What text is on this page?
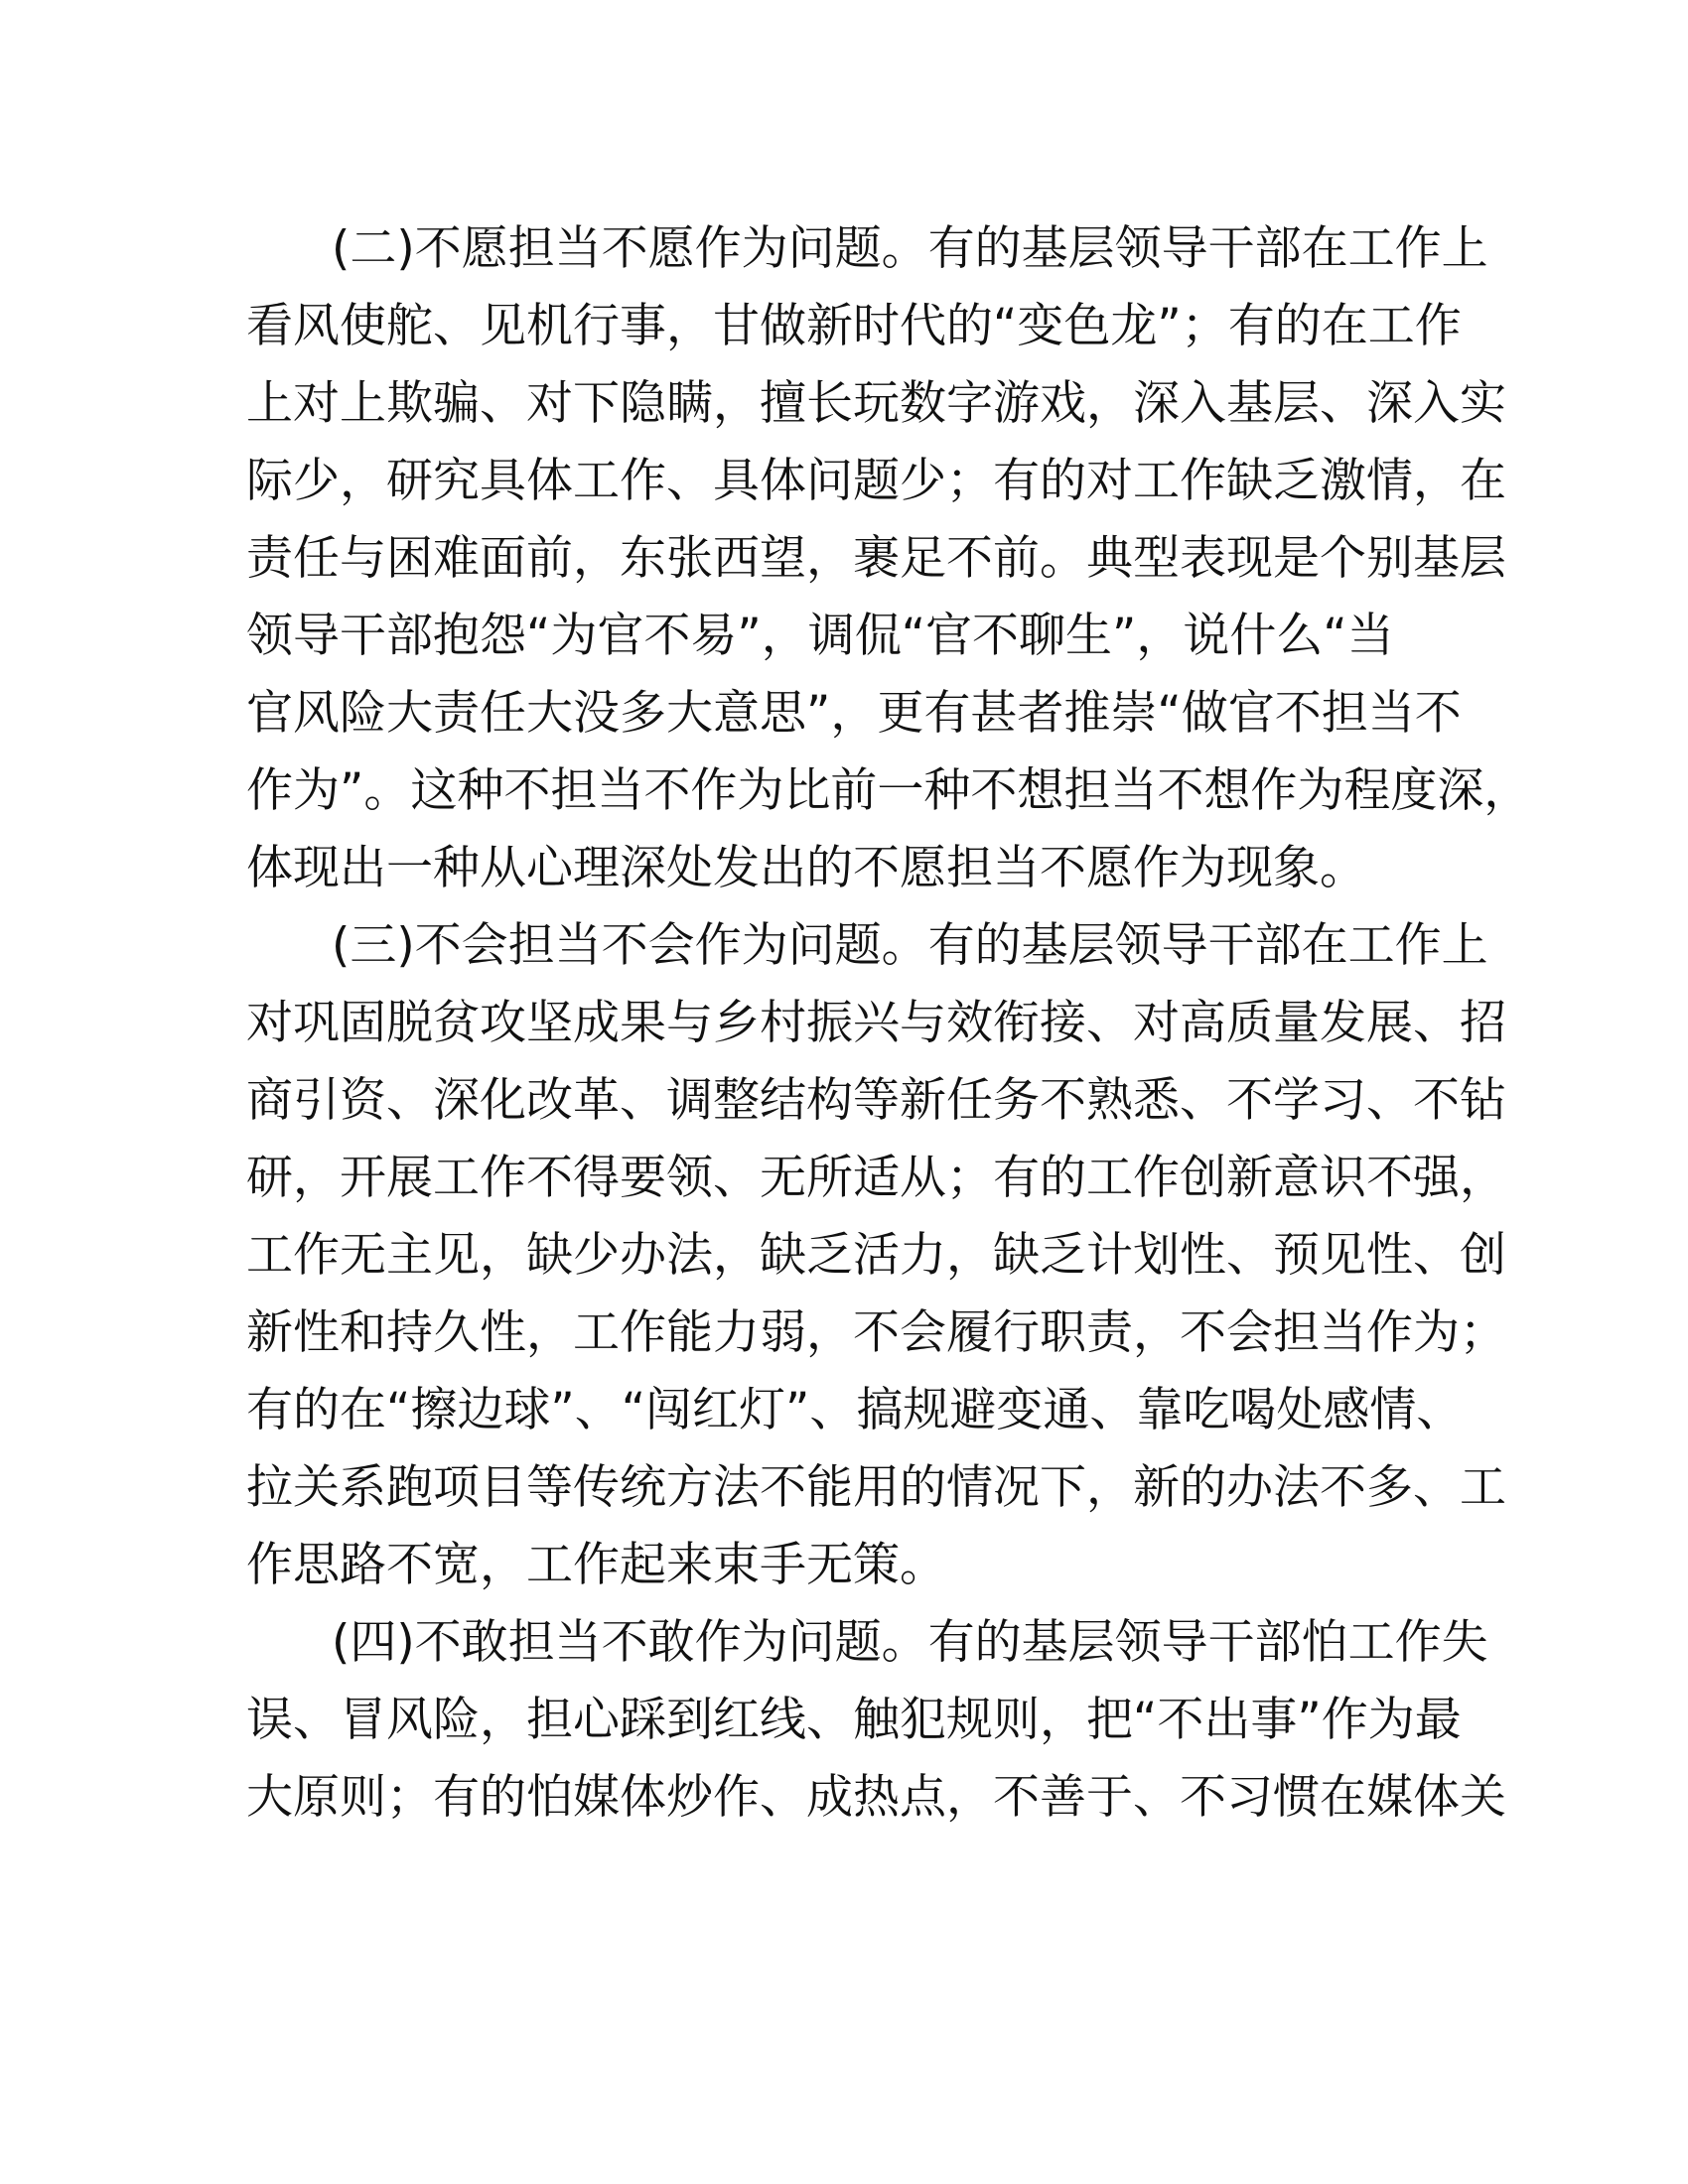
(二)不愿担当不愿作为问题。有的基层领导干部在工作上
看风使舵、见机行事，甘做新时代的“变色龙”；有的在工作
上对上欺骗、对下隐瞒，擅长玩数字游戏，深入基层、深入实
际少，研究具体工作、具体问题少；有的对工作缺乏激情，在
责任与困难面前，东张西望，裹足不前。典型表现是个别基层
领导干部抱怨“为官不易”，调侃“官不聊生”，说什么“当
官风险大责任大没多大意思”，更有甚者推崇“做官不担当不
作为”。这种不担当不作为比前一种不想担当不想作为程度深，
体现出一种从心理深处发出的不愿担当不愿作为现象。
(三)不会担当不会作为问题。有的基层领导干部在工作上
对巩固脱贫攻坚成果与乡村振兴与效衔接、对高质量发展、招
商引资、深化改革、调整结构等新任务不熟悉、不学习、不钻
研，开展工作不得要领、无所适从；有的工作创新意识不强，
工作无主见，缺少办法，缺乏活力，缺乏计划性、预见性、创
新性和持久性，工作能力弱，不会履行职责，不会担当作为；
有的在“擦边球”、“闯红灯”、搞规避变通、靠吃喝处感情、
拉关系跑项目等传统方法不能用的情况下，新的办法不多、工
作思路不宽，工作起来束手无策。
(四)不敢担当不敢作为问题。有的基层领导干部怕工作失
误、冒风险，担心踩到红线、触犯规则，把“不出事”作为最
大原则；有的怕媒体炒作、成热点，不善于、不习惯在媒体关
